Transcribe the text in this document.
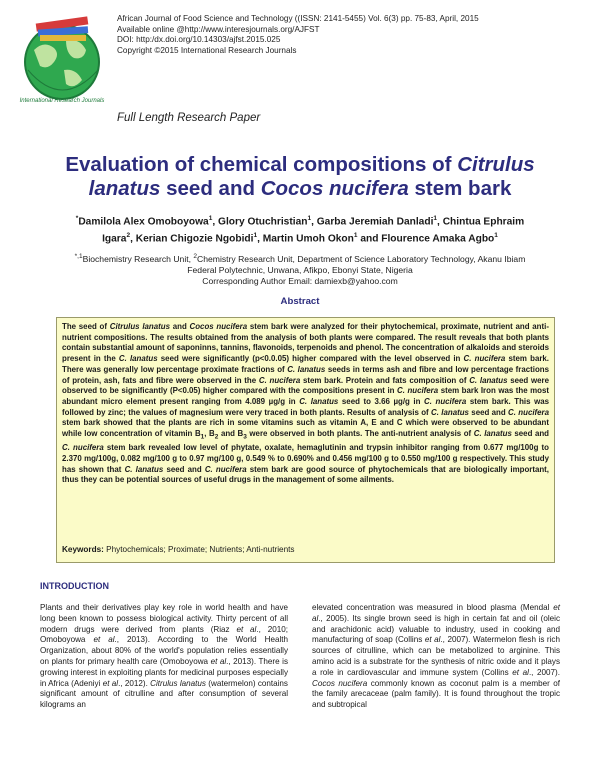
International Research Journals
African Journal of Food Science and Technology ((ISSN: 2141-5455) Vol. 6(3) pp. 75-83, April, 2015
Available online @http://www.interesjournals.org/AJFST
DOI: http:/dx.doi.org/10.14303/ajfst.2015.025
Copyright ©2015 International Research Journals
Full Length Research Paper
Evaluation of chemical compositions of Citrulus lanatus seed and Cocos nucifera stem bark
*Damilola Alex Omoboyowa$^1$, Glory Otuchristian$^1$, Garba Jeremiah Danladi$^1$, Chintua Ephraim
Igara$^2$, Kerian Chigozie Ngobidi$^1$, Martin Umoh Okon$^1$ and Flourence Amaka Agbo$^1$
$^{*,1}$Biochemistry Research Unit, $^2$Chemistry Research Unit, Department of Science Laboratory Technology, Akanu Ibiam
Federal Polytechnic, Unwana, Afikpo, Ebonyi State, Nigeria
Corresponding Author Email: damiexb@yahoo.com
Abstract
The seed of Citrulus lanatus and Cocos nucifera stem bark were analyzed for their phytochemical, proximate, nutrient and anti-nutrient compositions. The results obtained from the analysis of both plants were compared. The result reveals that both plants contain substantial amount of saponinns, tannins, flavonoids, terpenoids and phenol. The concentration of alkaloids and steroids present in the C. lanatus seed were significantly (p<0.0.05) higher compared with the level observed in C. nucifera stem bark. There was generally low percentage proximate fractions of C. lanatus seeds in terms ash and fibre and low percentage fractions of protein, ash, fats and fibre were observed in the C. nucifera stem bark. Protein and fats composition of C. lanatus seed were observed to be significantly (P<0.05) higher compared with the compositions present in C. nucifera stem bark Iron was the most abundant micro element present ranging from 4.089 µg/g in C. lanatus seed to 3.66 µg/g in C. nucifera stem bark. This was followed by zinc; the values of magnesium were very traced in both plants. Results of analysis of C. lanatus seed and C. nucifera stem bark showed that the plants are rich in some vitamins such as vitamin A, E and C which were observed to be abundant while low concentration of vitamin $B_1$, $B_2$ and $B_3$ were observed in both plants. The anti-nutrient analysis of C. lanatus seed and C. nucifera stem bark revealed low level of phytate, oxalate, hemaglutinin and trypsin inhibitor ranging from 0.677 mg/100g to 2.370 mg/100g, 0.082 mg/100 g to 0.97 mg/100 g, 0.549 % to 0.690% and 0.456 mg/100 g to 0.550 mg/100 g respectively. This study has shown that C. lanatus seed and C. nucifera stem bark are good source of phytochemicals that are biologically important, thus they can be potential sources of useful drugs in the management of some ailments.
Keywords: Phytochemicals; Proximate; Nutrients; Anti-nutrients
INTRODUCTION
Plants and their derivatives play key role in world health and have long been known to possess biological activity. Thirty percent of all modern drugs were derived from plants (Riaz et al., 2010; Omoboyowa et al., 2013). According to the World Health Organization, about 80% of the world's population relies essentially on plants for primary health care (Omoboyowa et al., 2013). There is growing interest in exploiting plants for medicinal purposes especially in Africa (Adeniyi et al., 2012). Citrulus lanatus (watermelon) contains significant amount of citrulline and after consumption of several kilograms an
elevated concentration was measured in blood plasma (Mendal et al., 2005). Its single brown seed is high in certain fat and oil (oleic and arachidonic acid) valuable to industry, used in cooking and manufacturing of soap (Collins et al., 2007). Watermelon flesh is rich sources of citrulline, which can be metabolized to arginine. This amino acid is a substrate for the synthesis of nitric oxide and it plays a role in cardiovascular and immune system (Collins et al., 2007). Cocos nucifera commonly known as coconut palm is a member of the family arecaceae (palm family). It is found throughout the tropic and subtropical
